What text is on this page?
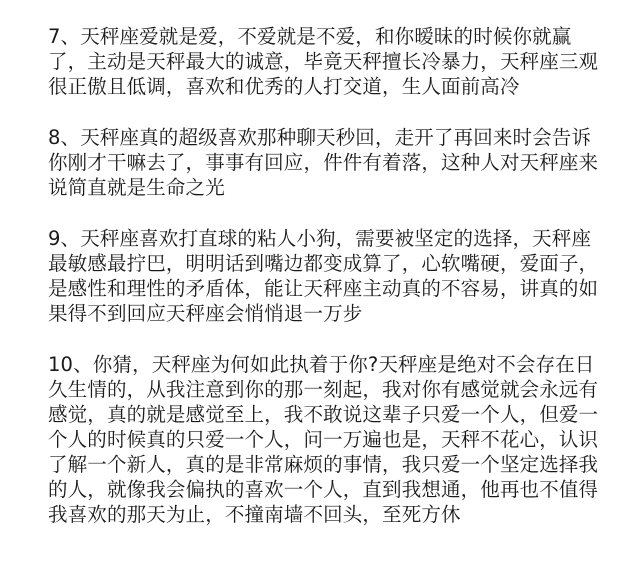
7、天秤座爱就是爱，不爱就是不爱，和你暧昧的时候你就赢
了，主动是天秤最大的诚意，毕竟天秤擅长冷暴力，天秤座三观
很正傲且低调，喜欢和优秀的人打交道，生人面前高冷
8、天秤座真的超级喜欢那种聊天秒回，走开了再回来时会告诉
你刚才干嘛去了，事事有回应，件件有着落，这种人对天秤座来
说简直就是生命之光
9、天秤座喜欢打直球的粘人小狗，需要被坚定的选择，天秤座
最敏感最拧巴，明明话到嘴边都变成算了，心软嘴硬，爱面子，
是感性和理性的矛盾体，能让天秤座主动真的不容易，讲真的如
果得不到回应天秤座会悄悄退一万步
10、你猜，天秤座为何如此执着于你?天秤座是绝对不会存在日
久生情的，从我注意到你的那一刻起，我对你有感觉就会永远有
感觉，真的就是感觉至上，我不敢说这辈子只爱一个人，但爱一
个人的时候真的只爱一个人，问一万遍也是，天秤不花心，认识
了解一个新人，真的是非常麻烦的事情，我只爱一个坚定选择我
的人，就像我会偏执的喜欢一个人，直到我想通，他再也不值得
我喜欢的那天为止，不撞南墙不回头，至死方休
